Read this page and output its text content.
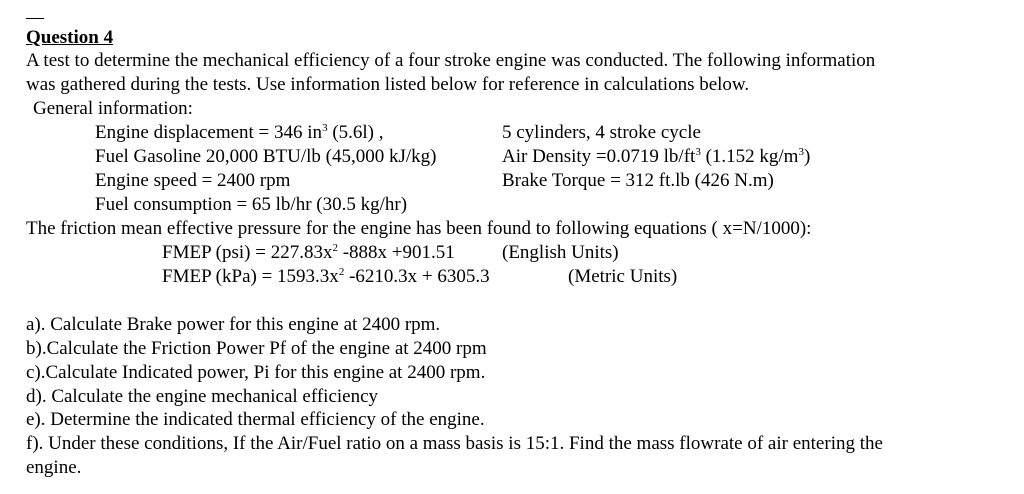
Question 4
A test to determine the mechanical efficiency of a four stroke engine was conducted. The following information
was gathered during the tests. Use information listed below for reference in calculations below.
General information:
Engine displacement = 346 $in^3$ (5.6l) ,
Fuel Gasoline 20,000 BTU/lb (45,000 kJ/kg)
Engine speed = 2400 rpm
Fuel consumption = 65 lb/hr (30.5 kg/hr)
5 cylinders, 4 stroke cycle
Air Density =0.0719 $lb/ft^3$ (1.152 $kg/m^3$)
Brake Torque = 312 ft.lb (426 N.m)
The friction mean effective pressure for the engine has been found to following equations ( x=N/1000):
FMEP $(psi) = 227.83x^2$ -888x +901.51 (English Units)
FMEP $(kPa) = 1593.3x^2$ -6210.3x + 6305.3	(Metric Units)
a). Calculate Brake power for this engine at 2400 rpm.
b).Calculate the Friction Power Pf of the engine at 2400 rpm
c).Calculate Indicated power, Pi for this engine at 2400 rpm.
d). Calculate the engine mechanical efficiency
e). Determine the indicated thermal efficiency of the engine.
f). Under these conditions, If the Air/Fuel ratio on a mass basis is 15:1. Find the mass flowrate of air entering the
engine.
